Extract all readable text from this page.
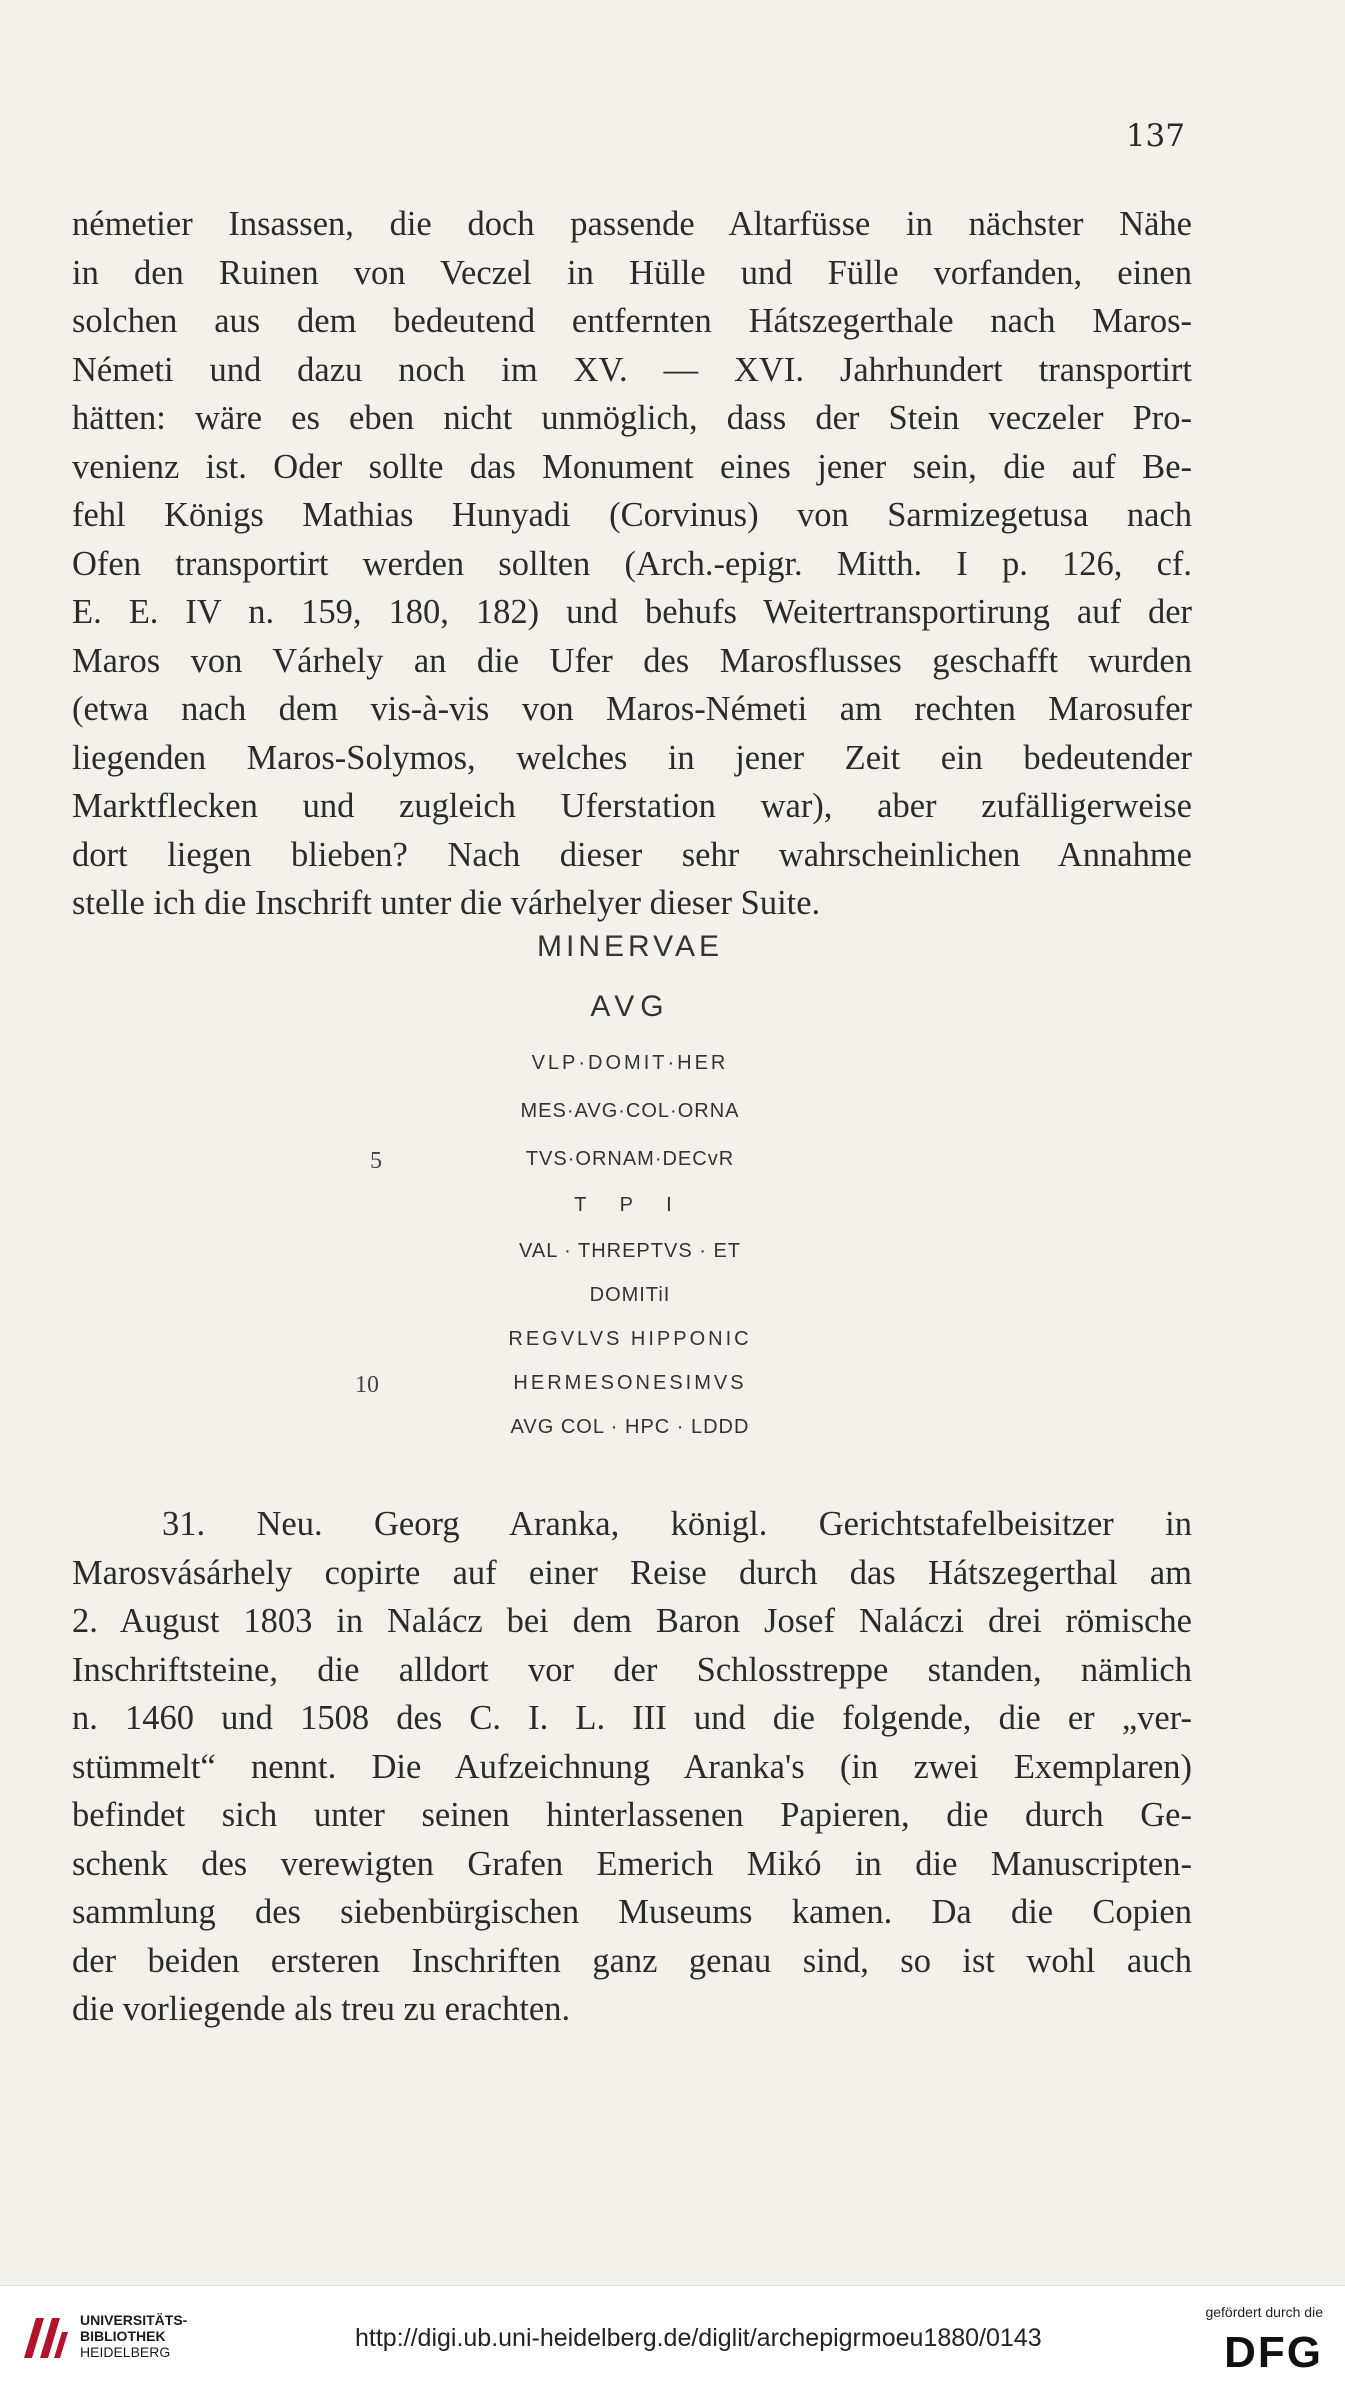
137
németier Insassen, die doch passende Altarfüsse in nächster Nähe
in den Ruinen von Veczel in Hülle und Fülle vorfanden, einen
solchen aus dem bedeutend entfernten Hátszegerthale nach Maros-
Németi und dazu noch im XV. — XVI. Jahrhundert transportirt
hätten: wäre es eben nicht unmöglich, dass der Stein veczeler Pro-
venienz ist. Oder sollte das Monument eines jener sein, die auf Be-
fehl Königs Mathias Hunyadi (Corvinus) von Sarmizegetusa nach
Ofen transportirt werden sollten (Arch.-epigr. Mitth. I p. 126, cf.
E. E. IV n. 159, 180, 182) und behufs Weitertransportirung auf der
Maros von Várhely an die Ufer des Marosflusses geschafft wurden
(etwa nach dem vis-à-vis von Maros-Németi am rechten Marosufer
liegenden Maros-Solymos, welches in jener Zeit ein bedeutender
Marktflecken und zugleich Uferstation war), aber zufälligerweise
dort liegen blieben? Nach dieser sehr wahrscheinlichen Annahme
stelle ich die Inschrift unter die várhelyer dieser Suite.
MINERVAE
AVG
VLP·DOMIT·HER
MES·AVG·COL·ORNA
TVS·ORNAM·DECvR
T P I
VAL · THREPTVS · ET
DOMITiI
REGVLVS HIPPONIC
HERMESONESIMVS
AVG COL · HPC · LDDD
5
10
31. Neu. Georg Aranka, königl. Gerichtstafelbeisitzer in
Marosvásárhely copirte auf einer Reise durch das Hátszegerthal am
2. August 1803 in Nalácz bei dem Baron Josef Naláczi drei römische
Inschriftsteine, die alldort vor der Schlosstreppe standen, nämlich
n. 1460 und 1508 des C. I. L. III und die folgende, die er „ver-
stümmelt“ nennt. Die Aufzeichnung Aranka's (in zwei Exemplaren)
befindet sich unter seinen hinterlassenen Papieren, die durch Ge-
schenk des verewigten Grafen Emerich Mikó in die Manuscripten-
sammlung des siebenbürgischen Museums kamen. Da die Copien
der beiden ersteren Inschriften ganz genau sind, so ist wohl auch
die vorliegende als treu zu erachten.
UNIVERSITÄTS-
BIBLIOTHEK
HEIDELBERG	http://digi.ub.uni-heidelberg.de/diglit/archepigrmoeu1880/0143
gefördert durch die
DFG
